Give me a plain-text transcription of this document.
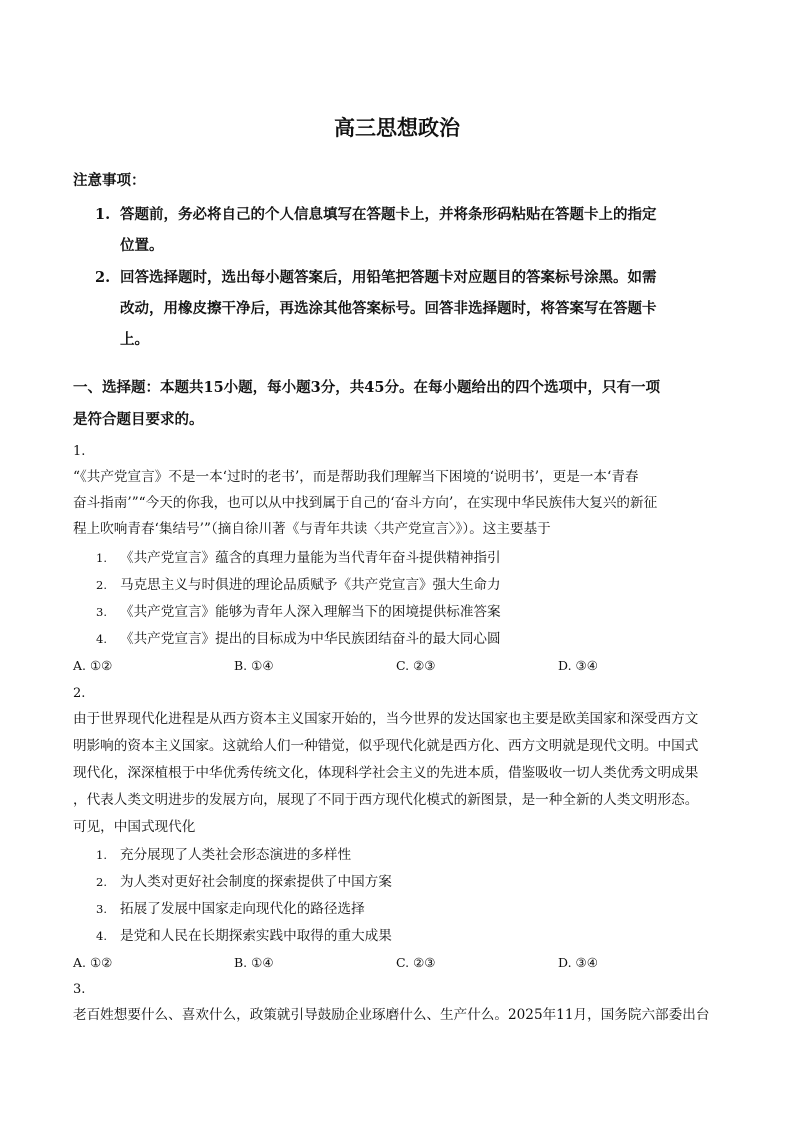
高三思想政治
注意事项：
1. 答题前，务必将自己的个人信息填写在答题卡上，并将条形码粘贴在答题卡上的指定
位置。
2. 回答选择题时，选出每小题答案后，用铅笔把答题卡对应题目的答案标号涂黑。如需
改动，用橡皮擦干净后，再选涂其他答案标号。回答非选择题时，将答案写在答题卡
上。
一、选择题：本题共15小题，每小题3分，共45分。在每小题给出的四个选项中，只有一项
是符合题目要求的。
1.
“《共产党宣言》不是一本‘过时的老书’，而是帮助我们理解当下困境的‘说明书’，更是一本‘青春
奋斗指南’”“今天的你我，也可以从中找到属于自己的‘奋斗方向’，在实现中华民族伟大复兴的新征
程上吹响青春‘集结号’”（摘自徐川著《与青年共读〈共产党宣言〉》）。这主要基于
1. 《共产党宣言》蕴含的真理力量能为当代青年奋斗提供精神指引
2. 马克思主义与时俱进的理论品质赋予《共产党宣言》强大生命力
3. 《共产党宣言》能够为青年人深入理解当下的困境提供标准答案
4. 《共产党宣言》提出的目标成为中华民族团结奋斗的最大同心圆
A. ①②	B. ①④	C. ②③	D. ③④
2.
由于世界现代化进程是从西方资本主义国家开始的，当今世界的发达国家也主要是欧美国家和深受西方文
明影响的资本主义国家。这就给人们一种错觉，似乎现代化就是西方化、西方文明就是现代文明。中国式
现代化，深深植根于中华优秀传统文化，体现科学社会主义的先进本质，借鉴吸收一切人类优秀文明成果
，代表人类文明进步的发展方向，展现了不同于西方现代化模式的新图景，是一种全新的人类文明形态。
可见，中国式现代化
1. 充分展现了人类社会形态演进的多样性
2. 为人类对更好社会制度的探索提供了中国方案
3. 拓展了发展中国家走向现代化的路径选择
4. 是党和人民在长期探索实践中取得的重大成果
A. ①②	B. ①④	C. ②③	D. ③④
3.
老百姓想要什么、喜欢什么，政策就引导鼓励企业琢磨什么、生产什么。2025年11月，国务院六部委出台
